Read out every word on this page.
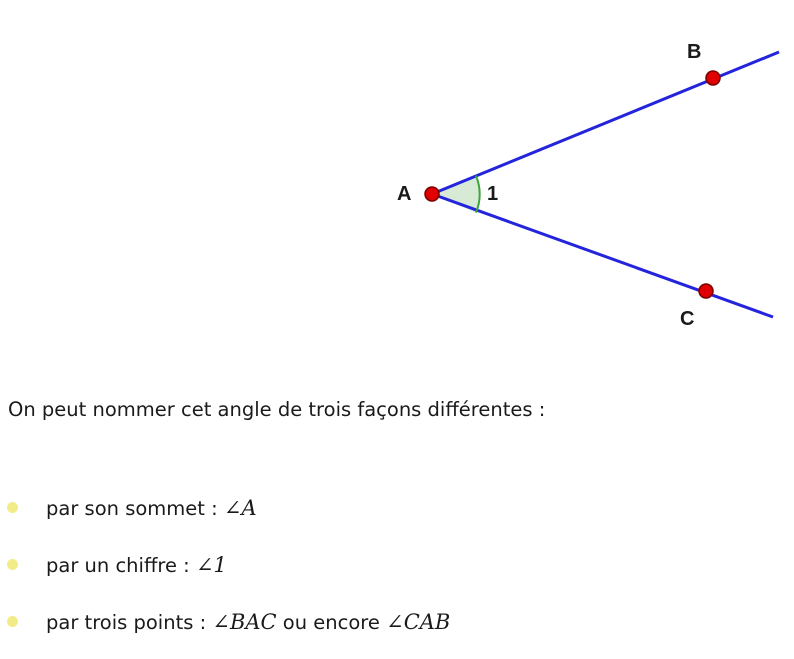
A
B
C
1
On peut nommer cet angle de trois façons différentes :
par son sommet : ∠A
par un chiffre : ∠1
par trois points : ∠BAC ou encore ∠CAB
